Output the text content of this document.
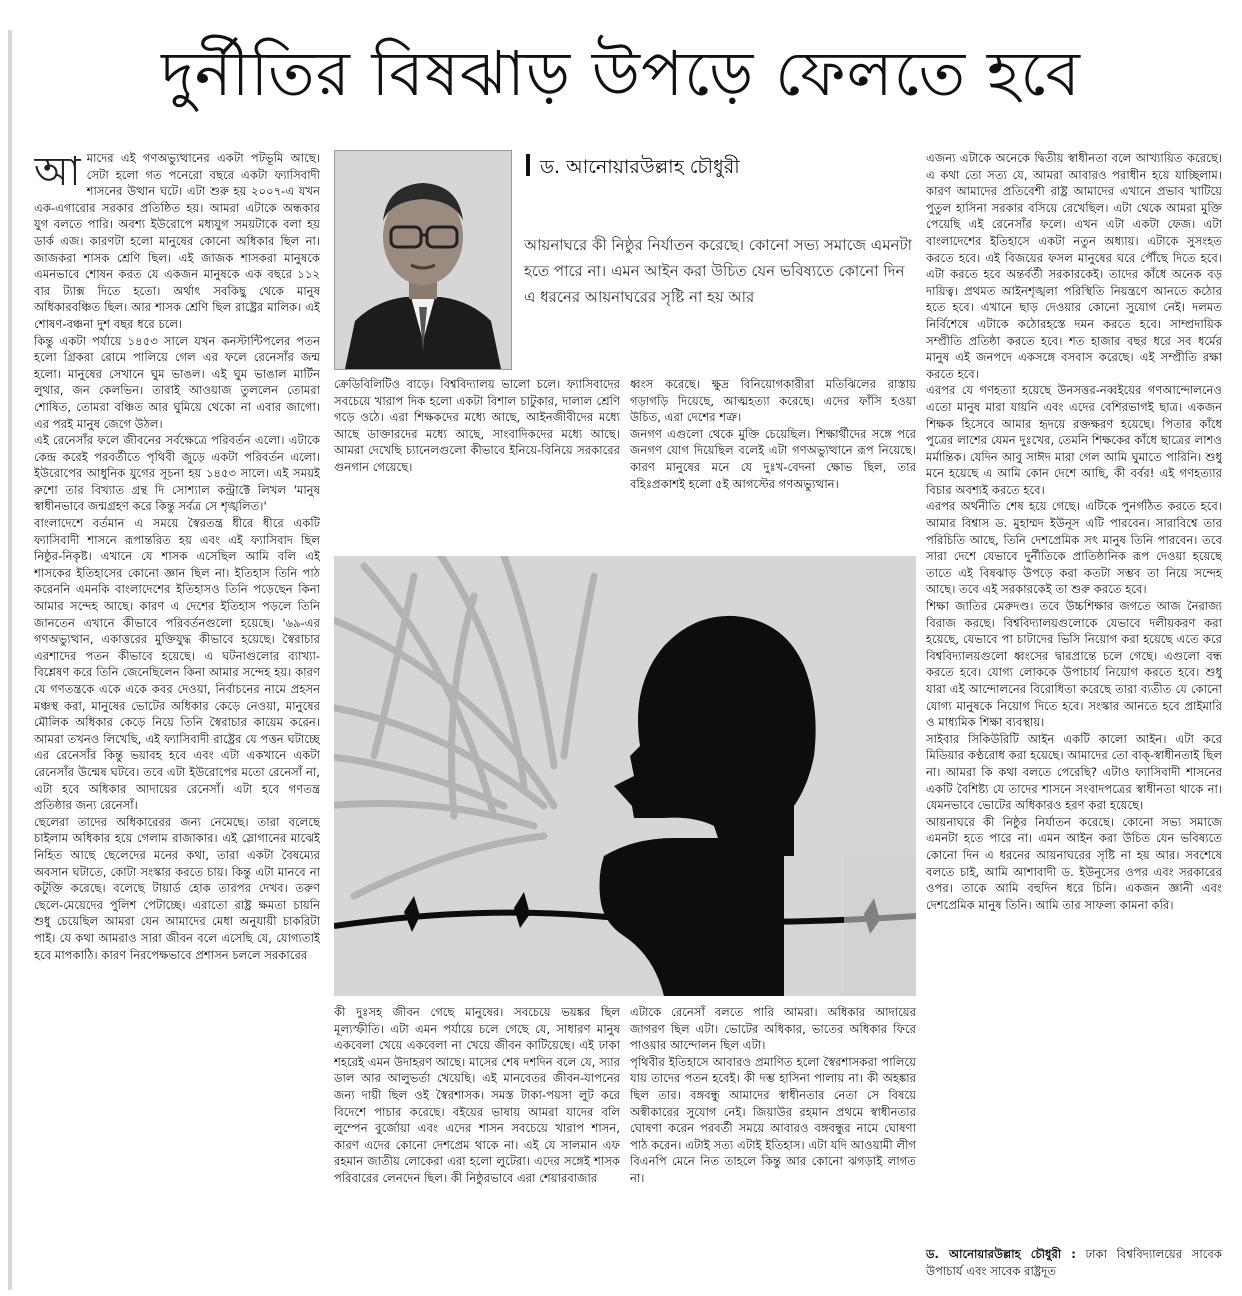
দুর্নীতির বিষঝাড় উপড়ে ফেলতে হবে
আমাদের এই গণঅভ্যুত্থানের একটা পটভূমি আছে। সেটা হলো গত পনেরো বছরে একটা ফ্যাসিবাদী শাসনের উত্থান ঘটে। এটা শুরু হয় ২০০৭-এ যখন এক-এগারোর সরকার প্রতিষ্ঠিত হয়। আমরা এটাকে অন্ধকার যুগ বলতে পারি। অবশ্য ইউরোপে মধ্যযুগ সময়টাকে বলা হয় ডার্ক এজ। কারণটা হলো মানুষের কোনো অধিকার ছিল না। জাজকরা শাসক শ্রেণি ছিল। এই জাজক শাসকরা মানুষকে এমনভাবে শোষন করত যে একজন মানুষকে এক বছরে ১১২ বার ট্যাক্স দিতে হতো। অর্থাৎ সবকিছু থেকে মানুষ অধিকারবঞ্চিত ছিল। আর শাসক শ্রেণি ছিল রাষ্ট্রের মালিক। এই শোষণ-বঞ্চনা দুশ বছর ধরে চলে।
কিন্তু একটা পর্যায়ে ১৪৫৩ সালে যখন কনস্টান্টিপলের পতন হলো গ্রিকরা রোমে পালিয়ে গেল এর ফলে রেনেসাঁর জন্ম হলো। মানুষের সেখানে ঘুম ভাঙল। এই ঘুম ভাঙাল মার্টিন লুথার, জন কেলভিন। তারাই আওয়াজ তুললেন তোমরা শোষিত, তোমরা বঞ্চিত আর ঘুমিয়ে থেকো না এবার জাগো। এর পরই মানুষ জেগে উঠল।
এই রেনেসাঁর ফলে জীবনের সর্বক্ষেত্রে পরিবর্তন এলো। এটাকে কেন্দ্র করেই পরবর্তীতে পৃথিবী জুড়ে একটা পরিবর্তন এলো। ইউরোপের আধুনিক যুগের সূচনা হয় ১৪৫৩ সালে। এই সময়ই রুশো তার বিখ্যাত গ্রন্থ দি সোশ্যাল কন্ট্রাক্টে লিখল 'মানুষ স্বাধীনভাবে জন্মগ্রহণ করে কিন্তু সর্বত্র সে শৃঙ্খলিত।'
বাংলাদেশে বর্তমান এ সময়ে স্বৈরতন্ত্র ধীরে ধীরে একটি ফ্যাসিবাদী শাসনে রূপান্তরিত হয় এবং এই ফ্যাসিবাদ ছিল নিষ্ঠুর-নিকৃষ্ট। এখানে যে শাসক এসেছিল আমি বলি এই শাসকের ইতিহাসের কোনো জ্ঞান ছিল না। ইতিহাস তিনি পাঠ করেননি এমনকি বাংলাদেশের ইতিহাসও তিনি পড়েছেন কিনা আমার সন্দেহ আছে। কারণ এ দেশের ইতিহাস পড়লে তিনি জানতেন এখানে কীভাবে পরিবর্তনগুলো হয়েছে। '৬৯-এর গণঅভ্যুত্থান, একাত্তরের মুক্তিযুদ্ধ কীভাবে হয়েছে। স্বৈরাচার এরশাদের পতন কীভাবে হয়েছে। এ ঘটনাগুলোর ব্যাখ্যা-বিশ্লেষণ করে তিনি জেনেছিলেন কিনা আমার সন্দেহ হয়। কারণ যে গণতন্ত্রকে একে একে কবর দেওয়া, নির্বাচনের নামে প্রহসন মঞ্চস্থ করা, মানুষের ভোটের অধিকার কেড়ে নেওয়া, মানুষের মৌলিক অধিকার কেড়ে নিয়ে তিনি স্বৈরাচার কায়েম করেন। আমরা তখনও লিখেছি, এই ফ্যাসিবাদী রাষ্ট্রের যে পত্তন ঘটাচ্ছে এর রেনেসাঁর কিন্তু ভয়াবহ হবে এবং এটা একখানে একটা রেনেসাঁর উন্মেষ ঘটবে। তবে এটা ইউরোপের মতো রেনেসাঁ না, এটা হবে অধিকার আদায়ের রেনেসাঁ। এটা হবে গণতন্ত্র প্রতিষ্ঠার জন্য রেনেসাঁ।
ছেলেরা তাদের অধিকারেরর জন্য নেমেছে। তারা বলেছে চাইলাম অধিকার হয়ে গেলাম রাজাকার। এই স্লোগানের মাঝেই নিহিত আছে ছেলেদের মনের কথা, তারা একটা বৈষম্যের অবসান ঘটাতে, কোটা সংস্কার করতে চায়। কিন্তু এটা মানবে না কটুক্তি করেছে। বলেছে টায়ার্ড হোক তারপর দেখব। তরুণ ছেলে-মেয়েদের পুলিশ পেটাচ্ছে। এরাতো রাষ্ট্র ক্ষমতা চায়নি শুধু চেয়েছিল আমরা যেন আমাদের মেধা অনুযায়ী চাকরিটা পাই। যে কথা আমরাও সারা জীবন বলে এসেছি যে, যোগ্যতাই হবে মাপকাঠি। কারণ নিরপেক্ষভাবে প্রশাসন চললে সরকারের
ড. আনোয়ারউল্লাহ চৌধুরী
আয়নাঘরে কী নিষ্ঠুর নির্যাতন করেছে। কোনো সভ্য সমাজে এমনটা হতে পারে না। এমন আইন করা উচিত যেন ভবিষ্যতে কোনো দিন এ ধরনের আয়নাঘরের সৃষ্টি না হয় আর
ক্রেডিবিলিটিও বাড়ে। বিশ্ববিদ্যালয় ভালো চলে। ফ্যাসিবাদের সবচেয়ে খারাপ দিক হলো একটা বিশাল চাটুকার, দালাল শ্রেণি গড়ে ওঠে। এরা শিক্ষকদের মধ্যে আছে, আইনজীবীদের মধ্যে আছে ডাক্তারদের মধ্যে আছে, সাংবাদিকদের মধ্যে আছে। আমরা দেখেছি চ্যানেলগুলো কীভাবে ইনিয়ে-বিনিয়ে সরকারের গুনগান গেয়েছে।
ধ্বংস করেছে। ক্ষুদ্র বিনিয়োগকারীরা মতিঝিলের রাস্তায় গড়াগড়ি দিয়েছে, আত্মহত্যা করেছে। এদের ফাঁসি হওয়া উচিত, এরা দেশের শত্রু।
জনগণ এগুলো থেকে মুক্তি চেয়েছিল। শিক্ষার্থীদের সঙ্গে পরে জনগণ যোগ দিয়েছিল বলেই এটা গণঅভ্যুত্থানে রূপ নিয়েছে। কারণ মানুষের মনে যে দুঃখ-বেদনা ক্ষোভ ছিল, তার বহিঃপ্রকাশই হলো ৫ই আগস্টের গণঅভ্যুত্থান।
কী দুঃসহ জীবন গেছে মানুষের। সবচেয়ে ভয়ঙ্কর ছিল মূল্যস্ফীতি। এটা এমন পর্যায়ে চলে গেছে যে, সাধারণ মানুষ একবেলা খেয়ে একবেলা না খেয়ে জীবন কাটিয়েছে। এই ঢাকা শহরেই এমন উদাহরণ আছে। মাসের শেষ দশদিন বলে যে, স্যার ডাল আর আলুভর্তা খেয়েছি। এই মানবেতর জীবন-যাপনের জন্য দায়ী ছিল ওই স্বৈরশাসক। সমস্ত টাকা-পয়সা লুট করে বিদেশে পাচার করেছে। বইয়ের ভাষায় আমরা যাদের বলি লুম্পেন বুর্জোয়া এবং এদের শাসন সবচেয়ে খারাপ শাসন, কারণ এদের কোনো দেশপ্রেম থাকে না। এই যে সালমান এফ রহমান জাতীয় লোকেরা এরা হলো লুটেরা। এদের সঙ্গেই শাসক পরিবারের লেনদেন ছিল। কী নিষ্ঠুরভাবে এরা শেয়ারবাজার
এটাকে রেনেসাঁ বলতে পারি আমরা। অধিকার আদায়ের জাগরণ ছিল এটা। ভোটের অধিকার, ভাতের অধিকার ফিরে পাওয়ার আন্দোলন ছিল এটা।
পৃথিবীর ইতিহাসে আবারও প্রমাণিত হলো স্বৈরশাসকরা পালিয়ে যায় তাদের পতন হবেই। কী দম্ভ হাসিনা পালায় না। কী অহঙ্কার ছিল তার। বঙ্গবন্ধু আমাদের স্বাধীনতার নেতা সে বিষয়ে অস্বীকারের সুযোগ নেই। জিয়াউর রহমান প্রথমে স্বাধীনতার ঘোষণা করেন পরবর্তী সময়ে আবারও বঙ্গবন্ধুর নামে ঘোষণা পাঠ করেন। এটাই সত্য এটাই ইতিহাস। এটা যদি আওয়ামী লীগ বিএনপি মেনে নিত তাহলে কিন্তু আর কোনো ঝগড়াই লাগত না।
এজন্য এটাকে অনেকে দ্বিতীয় স্বাধীনতা বলে আখ্যায়িত করেছে। এ কথা তো সত্য যে, আমরা আবারও পরাধীন হয়ে যাচ্ছিলাম। কারণ আমাদের প্রতিবেশী রাষ্ট্র আমাদের এখানে প্রভাব খাটিয়ে পুতুল হাসিনা সরকার বসিয়ে রেখেছিল। এটা থেকে আমরা মুক্তি পেয়েছি এই রেনেসাঁর ফলে। এখন এটা একটা ফেজ। এটা বাংলাদেশের ইতিহাসে একটা নতুন অধ্যায়। এটাকে সুসংহত করতে হবে। এই বিজয়ের ফসল মানুষের ঘরে পৌঁছে দিতে হবে। এটা করতে হবে অন্তর্বর্তী সরকারকেই। তাদের কাঁধে অনেক বড় দায়িত্ব। প্রথমত আইনশৃঙ্খলা পরিস্থিতি নিয়ন্ত্রণে আনতে কঠোর হতে হবে। এখানে ছাড় দেওয়ার কোনো সুযোগ নেই। দলমত নির্বিশেষে এটাকে কঠোরহস্তে দমন করতে হবে। সাম্প্রদায়িক সম্প্রীতি প্রতিষ্ঠা করতে হবে। শত হাজার বছর ধরে সব ধর্মের মানুষ এই জনপদে একসঙ্গে বসবাস করেছে। এই সম্প্রীতি রক্ষা করতে হবে।
এরপর যে গণহত্যা হয়েছে উনসত্তর-নব্বইয়ের গণআন্দোলনেও এতো মানুষ মারা যায়নি এবং এদের বেশিরভাগই ছাত্র। একজন শিক্ষক হিসেবে আমার হৃদয়ে রক্তক্ষরণ হয়েছে। পিতার কাঁধে পুত্রের লাশের যেমন দুঃখের, তেমনি শিক্ষকের কাঁধে ছাত্রের লাশও মর্মান্তিক। যেদিন আবু সাঈদ মারা গেল আমি ঘুমাতে পারিনি। শুধু মনে হয়েছে এ আমি কোন দেশে আছি, কী বর্বর! এই গণহত্যার বিচার অবশ্যই করতে হবে।
এরপর অর্থনীতি শেষ হয়ে গেছে। এটিকে পুনর্গঠিত করতে হবে। আমার বিশ্বাস ড. মুহাম্মদ ইউনূস এটি পারবেন। সারাবিশ্বে তার পরিচিতি আছে, তিনি দেশপ্রেমিক সৎ মানুষ তিনি পারবেন। তবে সারা দেশে যেভাবে দুর্নীতিকে প্রাতিষ্ঠানিক রূপ দেওয়া হয়েছে তাতে এই বিষঝাড় উপড়ে করা কতটা সম্ভব তা নিয়ে সন্দেহ আছে। তবে এই সরকারকেই তা শুরু করতে হবে।
শিক্ষা জাতির মেরুদণ্ড। তবে উচ্চশিক্ষার জগতে আজ নৈরাজ্য বিরাজ করছে। বিশ্ববিদ্যালয়গুলোকে যেভাবে দলীয়করণ করা হয়েছে, যেভাবে পা চাটাদের ভিসি নিয়োগ করা হয়েছে এতে করে বিশ্ববিদ্যালয়গুলো ধ্বংসের দ্বারপ্রান্তে চলে গেছে। এগুলো বন্ধ করতে হবে। যোগ্য লোককে উপাচার্য নিয়োগ করতে হবে। শুধু যারা এই আন্দোলনের বিরোধিতা করেছে তারা ব্যতীত যে কোনো যোগ্য মানুষকে নিয়োগ দিতে হবে। সংস্কার আনতে হবে প্রাইমারি ও মাধ্যমিক শিক্ষা ব্যবস্থায়।
সাইবার সিকিউরিটি আইন একটি কালো আইন। এটা করে মিডিয়ার কণ্ঠরোধ করা হয়েছে। আমাদের তো বাক্-স্বাধীনতাই ছিল না। আমরা কি কথা বলতে পেরেছি? এটাও ফ্যাসিবাদী শাসনের একটি বৈশিষ্ট্য যে তাদের শাসনে সংবাদপত্রের স্বাধীনতা থাকে না। যেমনভাবে ভোটের অধিকারও হরণ করা হয়েছে।
আয়নাঘরে কী নিষ্ঠুর নির্যাতন করেছে। কোনো সভ্য সমাজে এমনটা হতে পারে না। এমন আইন করা উচিত যেন ভবিষ্যতে কোনো দিন এ ধরনের আয়নাঘরের সৃষ্টি না হয় আর। সবশেষে বলতে চাই, আমি আশাবাদী ড. ইউনূসের ওপর এবং সরকারের ওপর। তাকে আমি বহুদিন ধরে চিনি। একজন জ্ঞানী এবং দেশপ্রেমিক মানুষ তিনি। আমি তার সাফল্য কামনা করি।
ড. আনোয়ারউল্লাহ চৌধুরী : ঢাকা বিশ্ববিদ্যালয়ের সাবেক উপাচার্য এবং সাবেক রাষ্ট্রদূত
